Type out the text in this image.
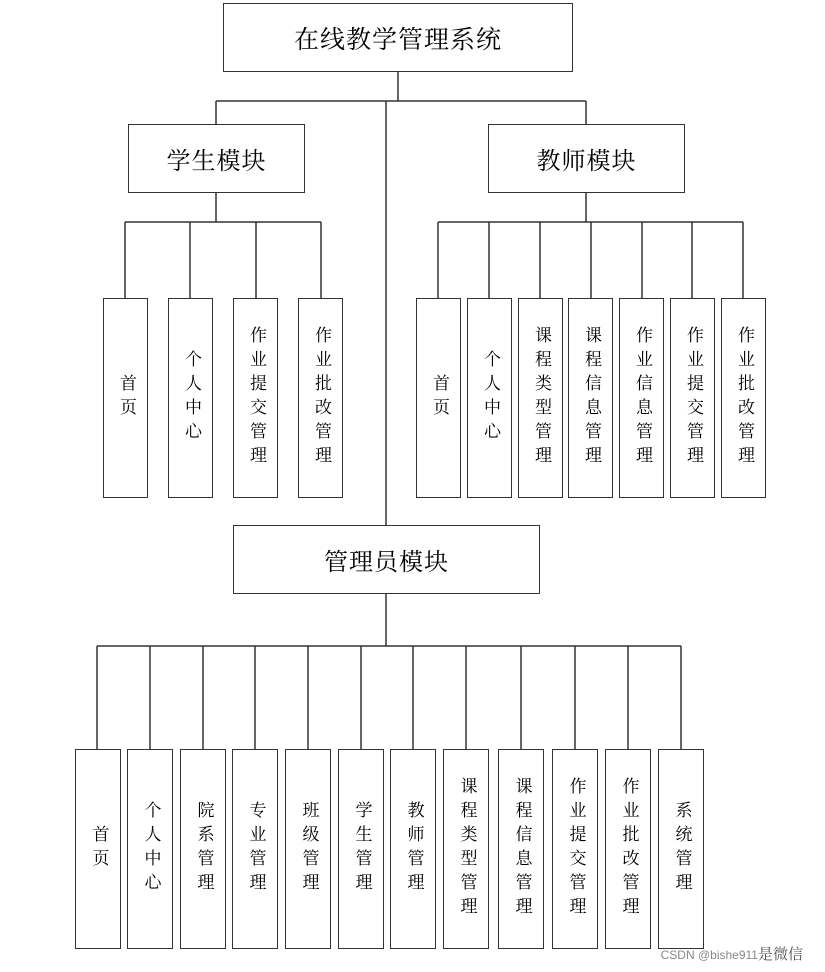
在线教学管理系统
学生模块	教师模块
管理员模块
首页	个人中心	作业提交管理	作业批改管理	首页 个人中心 课程类型管理 课程信息管理 作业信息管理 作业提交管理 作业批改管理
首页 个人中心 院系管理 专业管理 班级管理 学生管理 教师管理 课程类型管理 课程信息管理 作业提交管理 作业批改管理 系统管理
CSDN @bishe911是微信
